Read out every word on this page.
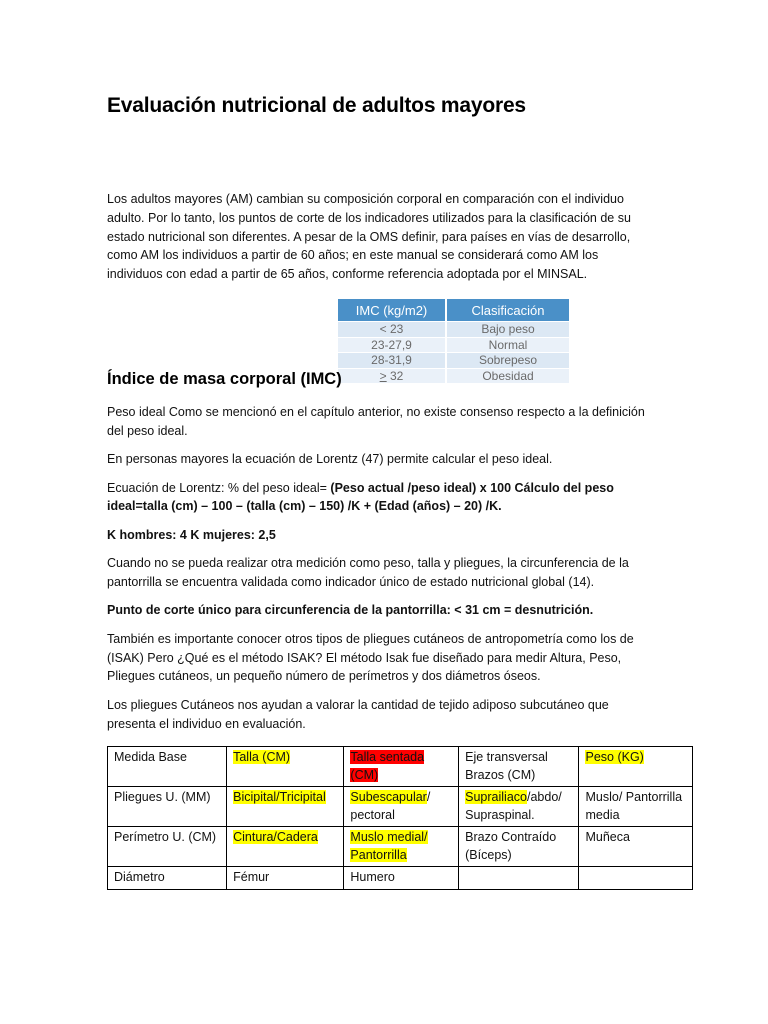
Evaluación nutricional de adultos mayores
Los adultos mayores (AM) cambian su composición corporal en comparación con el individuo adulto. Por lo tanto, los puntos de corte de los indicadores utilizados para la clasificación de su estado nutricional son diferentes. A pesar de la OMS definir, para países en vías de desarrollo, como AM los individuos a partir de 60 años; en este manual se considerará como AM los individuos con edad a partir de 65 años, conforme referencia adoptada por el MINSAL.
IMC (kg/m2)	Clasificación
< 23	Bajo peso
23-27,9	Normal
28-31,9	Sobrepeso
> 32	Obesidad
Índice de masa corporal (IMC)

Peso ideal Como se mencionó en el capítulo anterior, no existe consenso respecto a la definición del peso ideal.

En personas mayores la ecuación de Lorentz (47) permite calcular el peso ideal.

Ecuación de Lorentz: % del peso ideal= (Peso actual /peso ideal) x 100 Cálculo del peso ideal=talla (cm) – 100 – (talla (cm) – 150) /K + (Edad (años) – 20) /K.

K hombres: 4 K mujeres: 2,5

Cuando no se pueda realizar otra medición como peso, talla y pliegues, la circunferencia de la pantorrilla se encuentra validada como indicador único de estado nutricional global (14).

Punto de corte único para circunferencia de la pantorrilla: < 31 cm = desnutrición.

También es importante conocer otros tipos de pliegues cutáneos de antropometría como los de (ISAK) Pero ¿Qué es el método ISAK? El método Isak fue diseñado para medir Altura, Peso, Pliegues cutáneos, un pequeño número de perímetros y dos diámetros óseos.

Los pliegues Cutáneos nos ayudan a valorar la cantidad de tejido adiposo subcutáneo que presenta el individuo en evaluación.

Medida Base	Talla (CM)	Talla sentada (CM)	Eje transversal Brazos (CM)	Peso (KG)
Pliegues U. (MM)	Bicipital/Tricipital	Subescapular/ pectoral	Suprailiaco/abdo/ Supraspinal.	Muslo/ Pantorrilla media
Perímetro U. (CM)	Cintura/Cadera	Muslo medial/ Pantorrilla	Brazo Contraído (Bíceps)	Muñeca
Diámetro	Fémur	Humero		
